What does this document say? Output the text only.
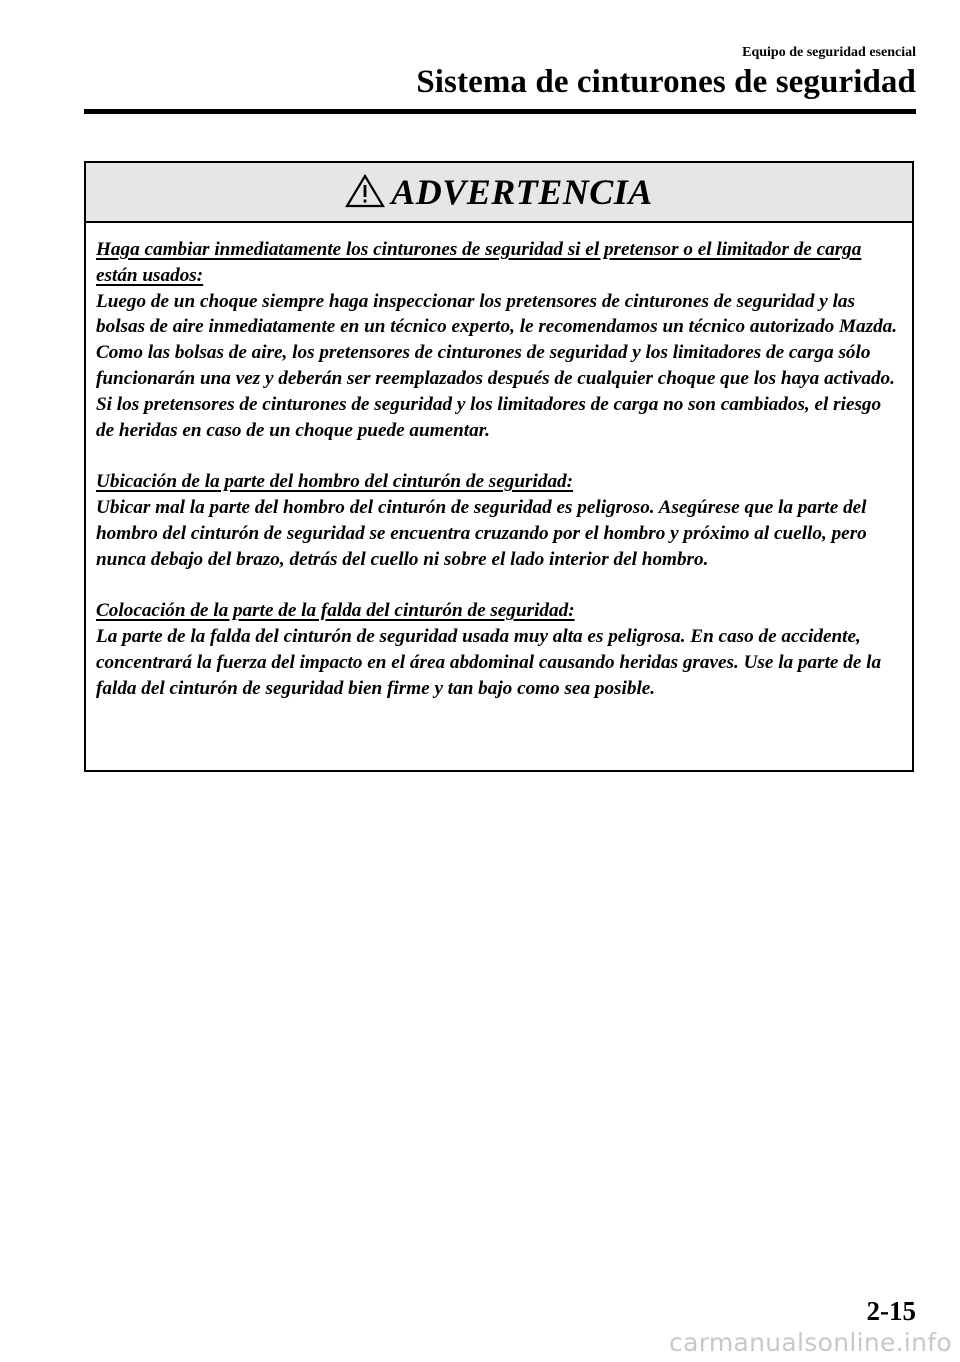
Equipo de seguridad esencial
Sistema de cinturones de seguridad
ADVERTENCIA

Haga cambiar inmediatamente los cinturones de seguridad si el pretensor o el limitador de carga están usados:

Luego de un choque siempre haga inspeccionar los pretensores de cinturones de seguridad y las bolsas de aire inmediatamente en un técnico experto, le recomendamos un técnico autorizado Mazda. Como las bolsas de aire, los pretensores de cinturones de seguridad y los limitadores de carga sólo funcionarán una vez y deberán ser reemplazados después de cualquier choque que los haya activado. Si los pretensores de cinturones de seguridad y los limitadores de carga no son cambiados, el riesgo de heridas en caso de un choque puede aumentar.

Ubicación de la parte del hombro del cinturón de seguridad:

Ubicar mal la parte del hombro del cinturón de seguridad es peligroso. Asegúrese que la parte del hombro del cinturón de seguridad se encuentra cruzando por el hombro y próximo al cuello, pero nunca debajo del brazo, detrás del cuello ni sobre el lado interior del hombro.

Colocación de la parte de la falda del cinturón de seguridad:

La parte de la falda del cinturón de seguridad usada muy alta es peligrosa. En caso de accidente, concentrará la fuerza del impacto en el área abdominal causando heridas graves. Use la parte de la falda del cinturón de seguridad bien firme y tan bajo como sea posible.

2-15
carmanualsonline.info
